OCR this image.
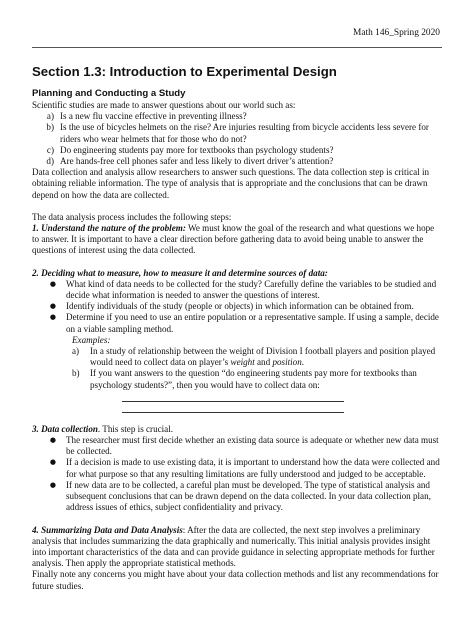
Math 146_Spring 2020
Section 1.3: Introduction to Experimental Design
Planning and Conducting a Study

Scientific studies are made to answer questions about our world such as:

a) Is a new flu vaccine effective in preventing illness?
b) Is the use of bicycles helmets on the rise? Are injuries resulting from bicycle accidents less severe for riders who wear helmets that for those who do not?
c) Do engineering students pay more for textbooks than psychology students?
d) Are hands-free cell phones safer and less likely to divert driver’s attention?

Data collection and analysis allow researchers to answer such questions. The data collection step is critical in obtaining reliable information. The type of analysis that is appropriate and the conclusions that can be drawn depend on how the data are collected.

The data analysis process includes the following steps:

1. Understand the nature of the problem: We must know the goal of the research and what questions we hope to answer. It is important to have a clear direction before gathering data to avoid being unable to answer the questions of interest using the data collected.

2. Deciding what to measure, how to measure it and determine sources of data:

●	What kind of data needs to be collected for the study? Carefully define the variables to be studied and decide what information is needed to answer the questions of interest.
●	Identify individuals of the study (people or objects) in which information can be obtained from.
●	Determine if you need to use an entire population or a representative sample. If using a sample, decide on a viable sampling method.

Examples:

a)	In a study of relationship between the weight of Division I football players and position played would need to collect data on player’s weight and position.
b)	If you want answers to the question “do engineering students pay more for textbooks than psychology students?”, then you would have to collect data on:

3. Data collection. This step is crucial.

●	The researcher must first decide whether an existing data source is adequate or whether new data must be collected.
●	If a decision is made to use existing data, it is important to understand how the data were collected and for what purpose so that any resulting limitations are fully understood and judged to be acceptable.
●	If new data are to be collected, a careful plan must be developed. The type of statistical analysis and subsequent conclusions that can be drawn depend on the data collected. In your data collection plan, address issues of ethics, subject confidentiality and privacy.

4. Summarizing Data and Data Analysis: After the data are collected, the next step involves a preliminary analysis that includes summarizing the data graphically and numerically. This initial analysis provides insight into important characteristics of the data and can provide guidance in selecting appropriate methods for further analysis. Then apply the appropriate statistical methods.

Finally note any concerns you might have about your data collection methods and list any recommendations for future studies.
